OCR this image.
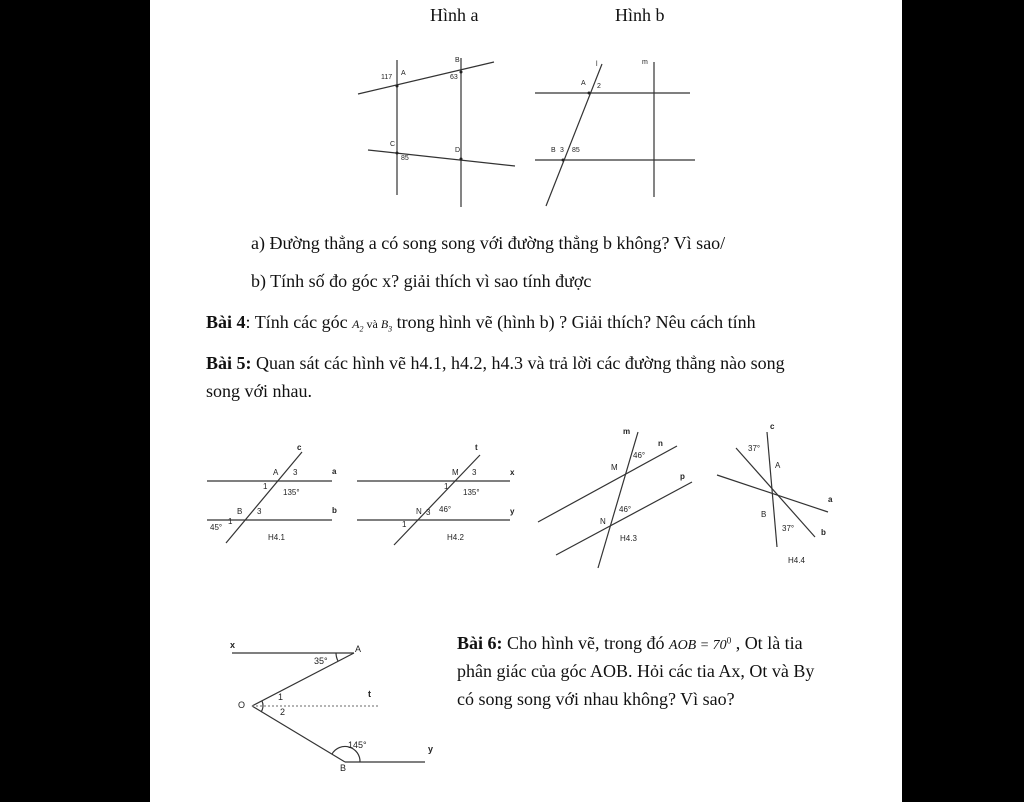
Hình a	Hình b
117
A
B
63
C
85
D
l	m
A 2
B 3 85
a) Đường thẳng a có song song với đường thẳng b không? Vì sao/
b) Tính số đo góc x? giải thích vì sao tính được
Bài 4: Tính các góc $A_2$ và $B_3$ trong hình vẽ (hình b) ? Giải thích? Nêu cách tính
Bài 5: Quan sát các hình vẽ h4.1, h4.2, h4.3 và trả lời các đường thẳng nào song
song với nhau.
c
a
b
A 3
1
135°
B 3
1
45°
H4.1
t
x
y
M 3
1
135°
N 3
1
46°
H4.2
m
n
p
M
N
46°
46°
H4.3
c
a
b
A
B
37°
37°
H4.4
x	A
35°
t
O
1
2
145°	y
B
Bài 6: Cho hình vẽ, trong đó AOB = $70^0$ , Ot là tia
phân giác của góc AOB. Hỏi các tia Ax, Ot và By
có song song với nhau không? Vì sao?
